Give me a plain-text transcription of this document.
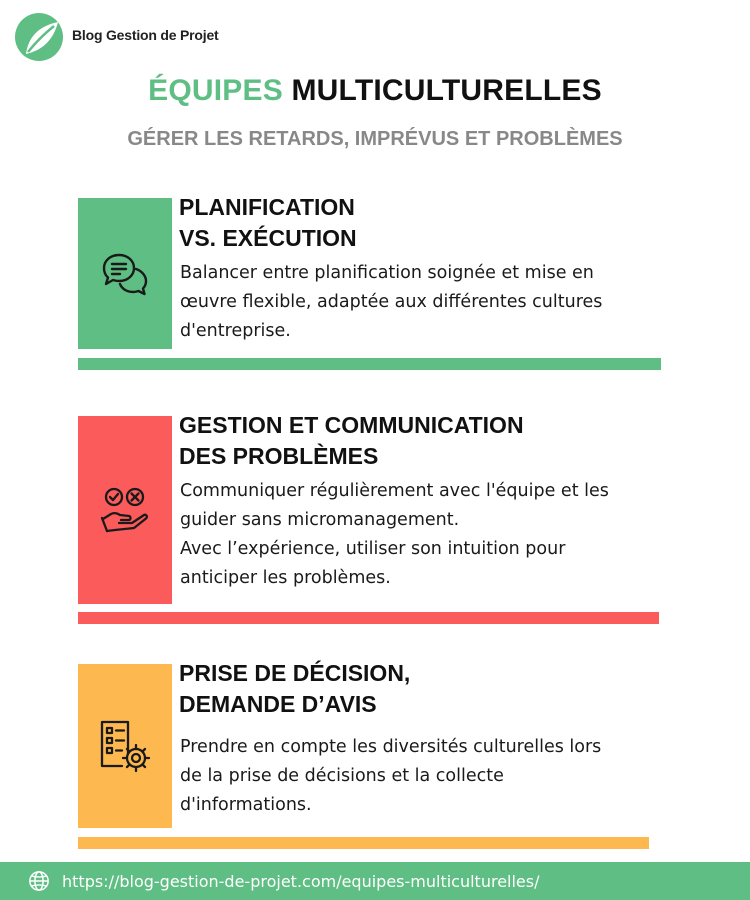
Blog Gestion de Projet
ÉQUIPES MULTICULTURELLES
GÉRER LES RETARDS, IMPRÉVUS ET PROBLÈMES
PLANIFICATION
VS. EXÉCUTION
Balancer entre planification soignée et mise en
œuvre flexible, adaptée aux différentes cultures
d'entreprise.
GESTION ET COMMUNICATION
DES PROBLÈMES
Communiquer régulièrement avec l'équipe et les
guider sans micromanagement.
Avec l’expérience, utiliser son intuition pour
anticiper les problèmes.
PRISE DE DÉCISION,
DEMANDE D’AVIS
Prendre en compte les diversités culturelles lors
de la prise de décisions et la collecte
d'informations.
https://blog-gestion-de-projet.com/equipes-multiculturelles/
